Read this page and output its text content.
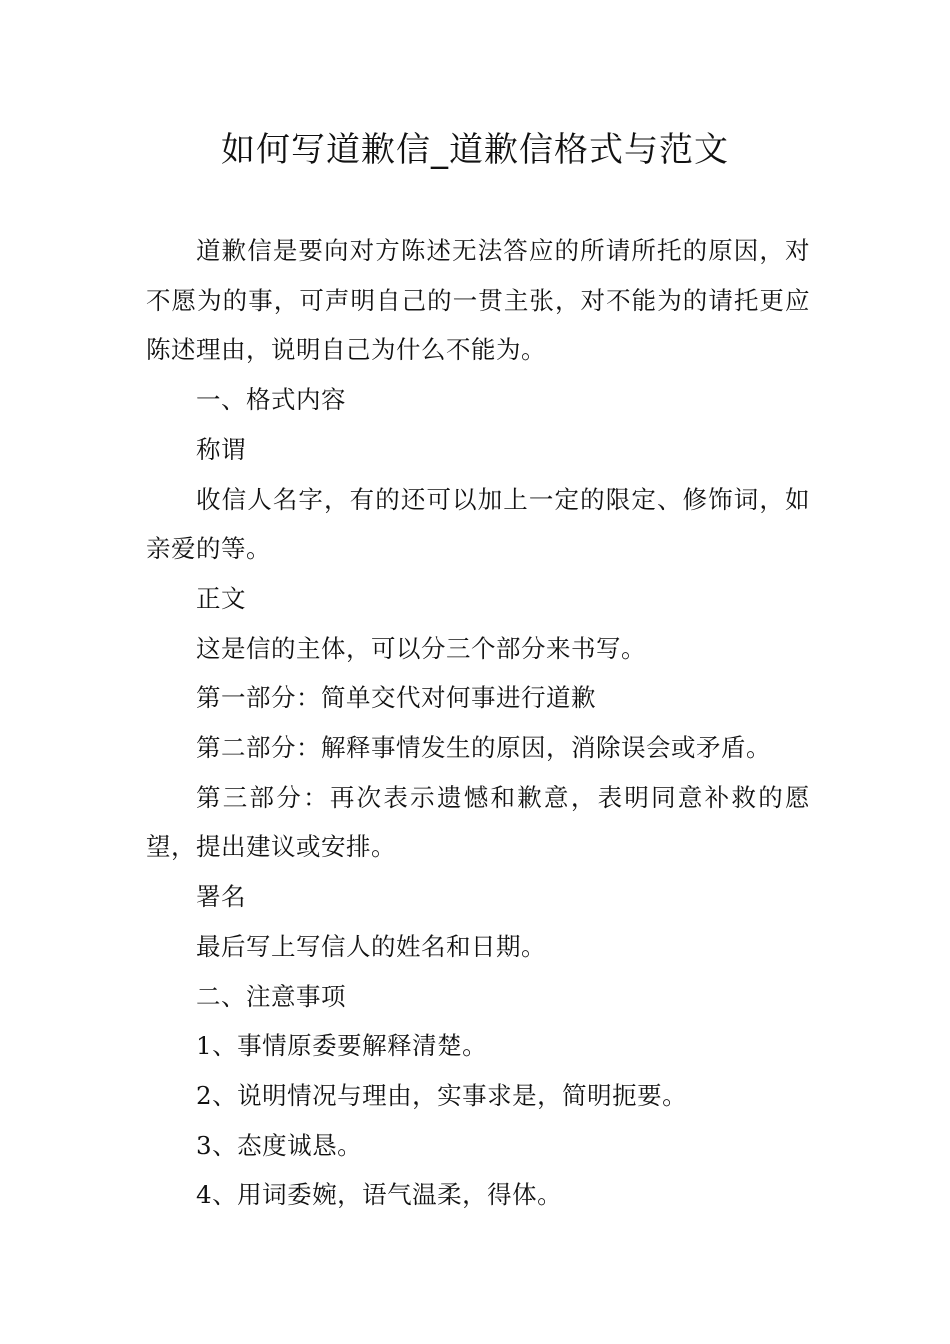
如何写道歉信_道歉信格式与范文

道歉信是要向对方陈述无法答应的所请所托的原因，对不愿为的事，可声明自己的一贯主张，对不能为的请托更应陈述理由，说明自己为什么不能为。

一、格式内容

称谓

收信人名字，有的还可以加上一定的限定、修饰词，如亲爱的等。

正文

这是信的主体，可以分三个部分来书写。

第一部分：简单交代对何事进行道歉

第二部分：解释事情发生的原因，消除误会或矛盾。

第三部分：再次表示遗憾和歉意，表明同意补救的愿望，提出建议或安排。

署名

最后写上写信人的姓名和日期。

二、注意事项

1、事情原委要解释清楚。

2、说明情况与理由，实事求是，简明扼要。

3、态度诚恳。

4、用词委婉，语气温柔，得体。
